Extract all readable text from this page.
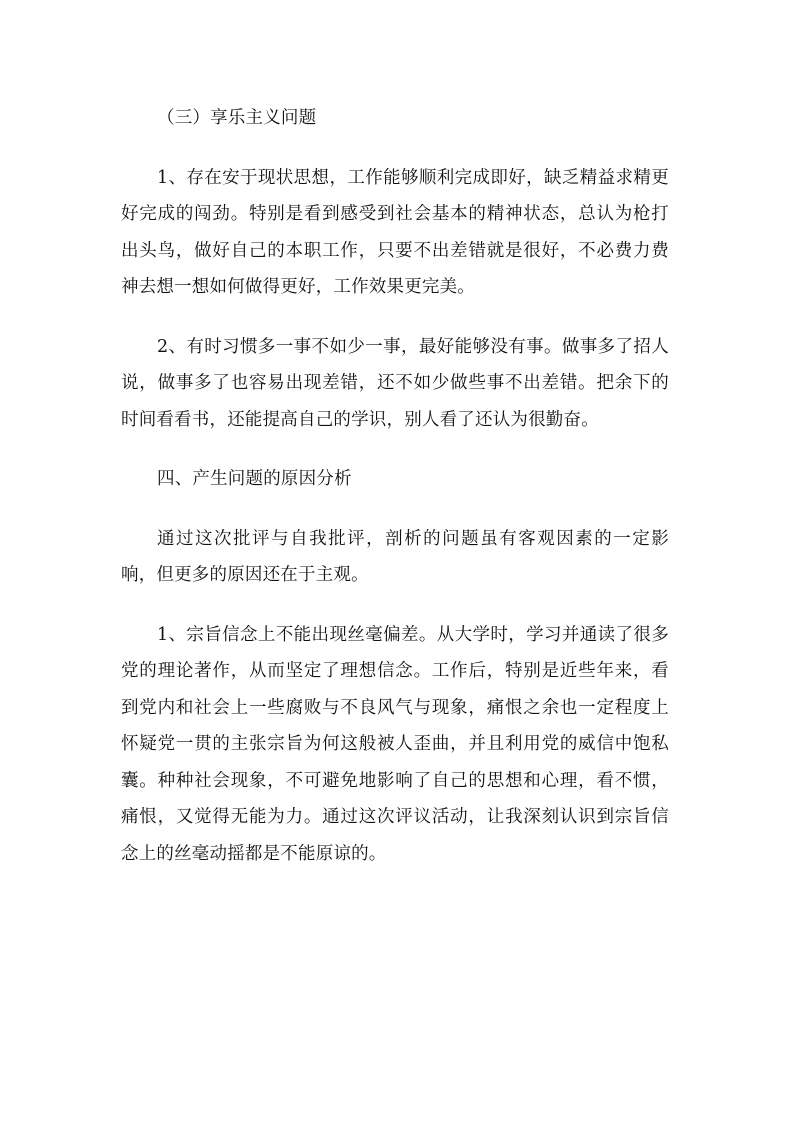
（三）享乐主义问题

1、存在安于现状思想，工作能够顺利完成即好，缺乏精益求精更好完成的闯劲。特别是看到感受到社会基本的精神状态，总认为枪打出头鸟，做好自己的本职工作，只要不出差错就是很好，不必费力费神去想一想如何做得更好，工作效果更完美。

2、有时习惯多一事不如少一事，最好能够没有事。做事多了招人说，做事多了也容易出现差错，还不如少做些事不出差错。把余下的时间看看书，还能提高自己的学识，别人看了还认为很勤奋。

四、产生问题的原因分析

通过这次批评与自我批评，剖析的问题虽有客观因素的一定影响，但更多的原因还在于主观。

1、宗旨信念上不能出现丝毫偏差。从大学时，学习并通读了很多党的理论著作，从而坚定了理想信念。工作后，特别是近些年来，看到党内和社会上一些腐败与不良风气与现象，痛恨之余也一定程度上怀疑党一贯的主张宗旨为何这般被人歪曲，并且利用党的威信中饱私囊。种种社会现象，不可避免地影响了自己的思想和心理，看不惯，痛恨，又觉得无能为力。通过这次评议活动，让我深刻认识到宗旨信念上的丝毫动摇都是不能原谅的。
